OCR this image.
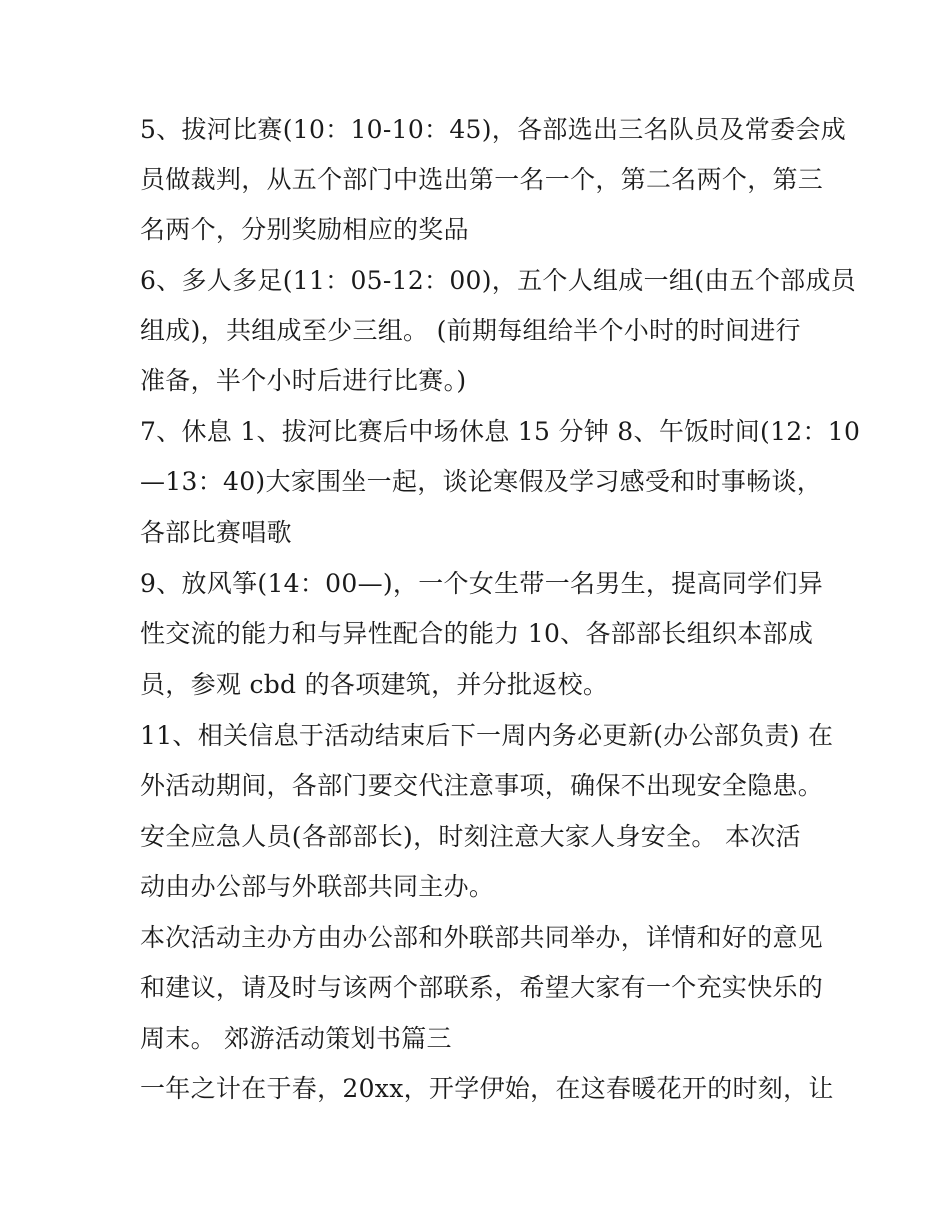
5、拔河比赛(10：10-10：45)，各部选出三名队员及常委会成
员做裁判，从五个部门中选出第一名一个，第二名两个，第三
名两个，分别奖励相应的奖品
6、多人多足(11：05-12：00)，五个人组成一组(由五个部成员
组成)，共组成至少三组。 (前期每组给半个小时的时间进行
准备，半个小时后进行比赛。)
7、休息 1、拔河比赛后中场休息 15 分钟 8、午饭时间(12：10
—13：40)大家围坐一起，谈论寒假及学习感受和时事畅谈，
各部比赛唱歌
9、放风筝(14：00—)，一个女生带一名男生，提高同学们异
性交流的能力和与异性配合的能力 10、各部部长组织本部成
员，参观 cbd 的各项建筑，并分批返校。
11、相关信息于活动结束后下一周内务必更新(办公部负责) 在
外活动期间，各部门要交代注意事项，确保不出现安全隐患。
安全应急人员(各部部长)，时刻注意大家人身安全。 本次活
动由办公部与外联部共同主办。
本次活动主办方由办公部和外联部共同举办，详情和好的意见
和建议，请及时与该两个部联系，希望大家有一个充实快乐的
周末。 郊游活动策划书篇三
一年之计在于春，20xx，开学伊始，在这春暖花开的时刻，让
